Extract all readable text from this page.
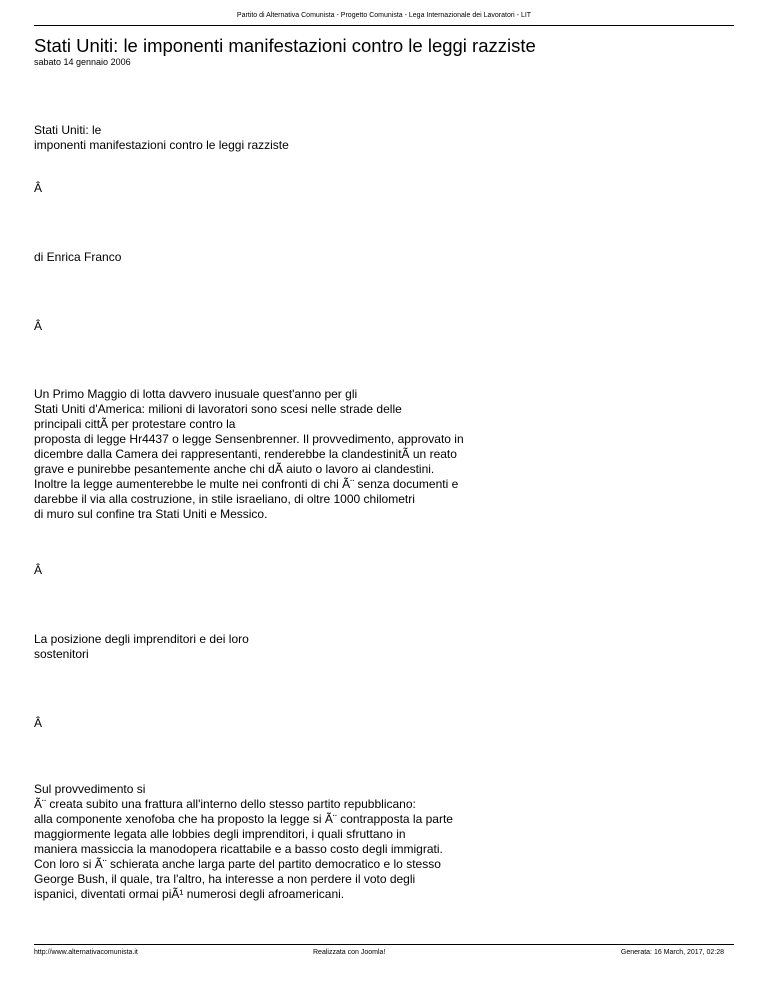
Partito di Alternativa Comunista - Progetto Comunista - Lega Internazionale dei Lavoratori - LIT
Stati Uniti: le imponenti manifestazioni contro le leggi razziste
sabato 14 gennaio 2006
Stati Uniti: le
imponenti manifestazioni contro le leggi razziste
Â
di Enrica Franco
Â
Un Primo Maggio di lotta davvero inusuale quest'anno per gli
Stati Uniti d'America: milioni di lavoratori sono scesi nelle strade delle
principali cittÃ per protestare contro la
proposta di legge Hr4437 o legge Sensenbrenner. Il provvedimento, approvato in
dicembre dalla Camera dei rappresentanti, renderebbe la clandestinitÃ un reato
grave e punirebbe pesantemente anche chi dÃ aiuto o lavoro ai clandestini.
Inoltre la legge aumenterebbe le multe nei confronti di chi Ã¨ senza documenti e
darebbe il via alla costruzione, in stile israeliano, di oltre 1000 chilometri
di muro sul confine tra Stati Uniti e Messico.
Â
La posizione degli imprenditori e dei loro
sostenitori
Â
Sul provvedimento si
Ã¨ creata subito una frattura all'interno dello stesso partito repubblicano:
alla componente xenofoba che ha proposto la legge si Ã¨ contrapposta la parte
maggiormente legata alle lobbies degli imprenditori, i quali sfruttano in
maniera massiccia la manodopera ricattabile e a basso costo degli immigrati.
Con loro si Ã¨ schierata anche larga parte del partito democratico e lo stesso
George Bush, il quale, tra l'altro, ha interesse a non perdere il voto degli
ispanici, diventati ormai piÃ¹ numerosi degli afroamericani.
http://www.alternativacomunista.it	Realizzata con Joomla!	Generata: 16 March, 2017, 02:28
